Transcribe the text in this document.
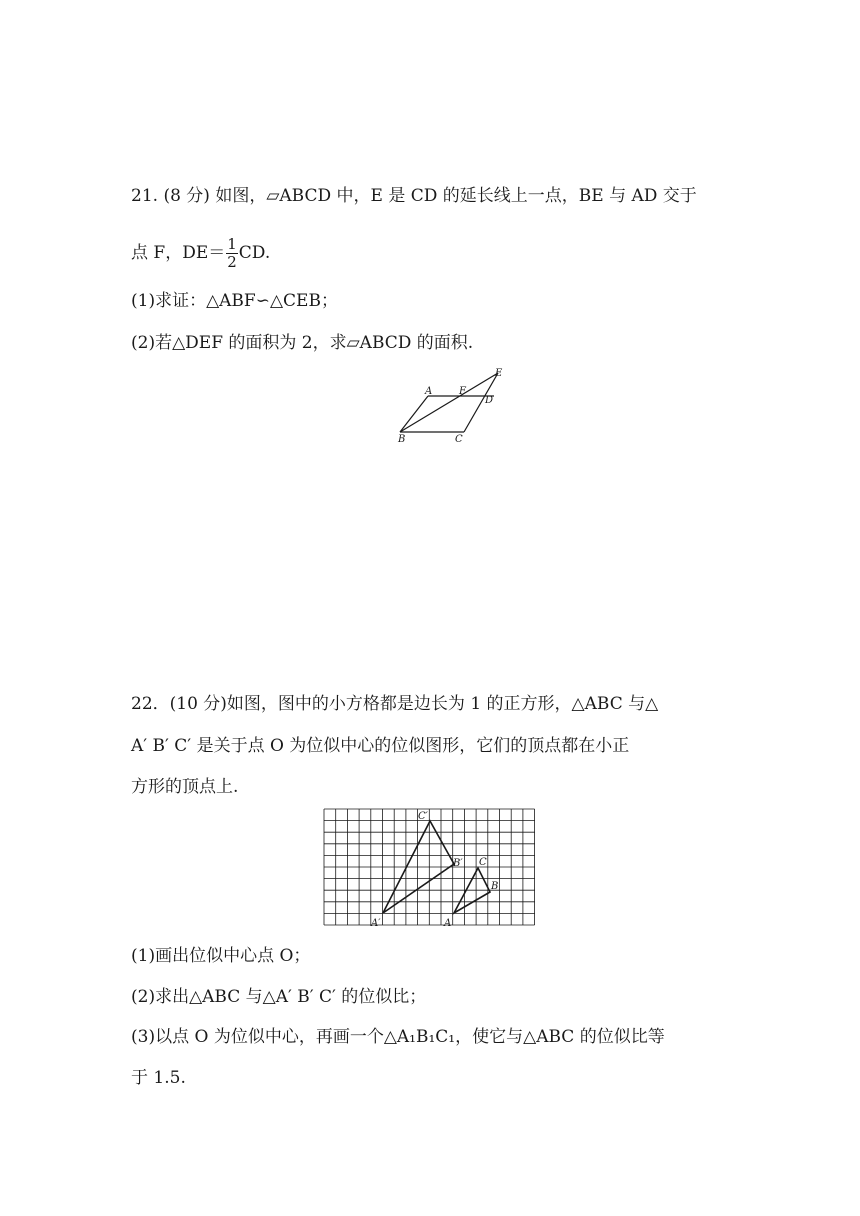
21. (8 分) 如图，▱ABCD 中，E 是 CD 的延长线上一点，BE 与 AD 交于
点 F，$DE= \frac{1}{2}$ CD.
(1)求证：△ABF∽△CEB；
(2)若△DEF 的面积为 2，求▱ABCD 的面积.
A	F
E
D
B	C
22．(10 分)如图，图中的小方格都是边长为 1 的正方形，△ABC 与△
A′ B′ C′ 是关于点 O 为位似中心的位似图形，它们的顶点都在小正
方形的顶点上.
C′
B′
A′
C
B
A
(1)画出位似中心点 O；
(2)求出△ABC 与△A′ B′ C′ 的位似比；
(3)以点 O 为位似中心，再画一个△A₁B₁C₁，使它与△ABC 的位似比等
于 1.5.
